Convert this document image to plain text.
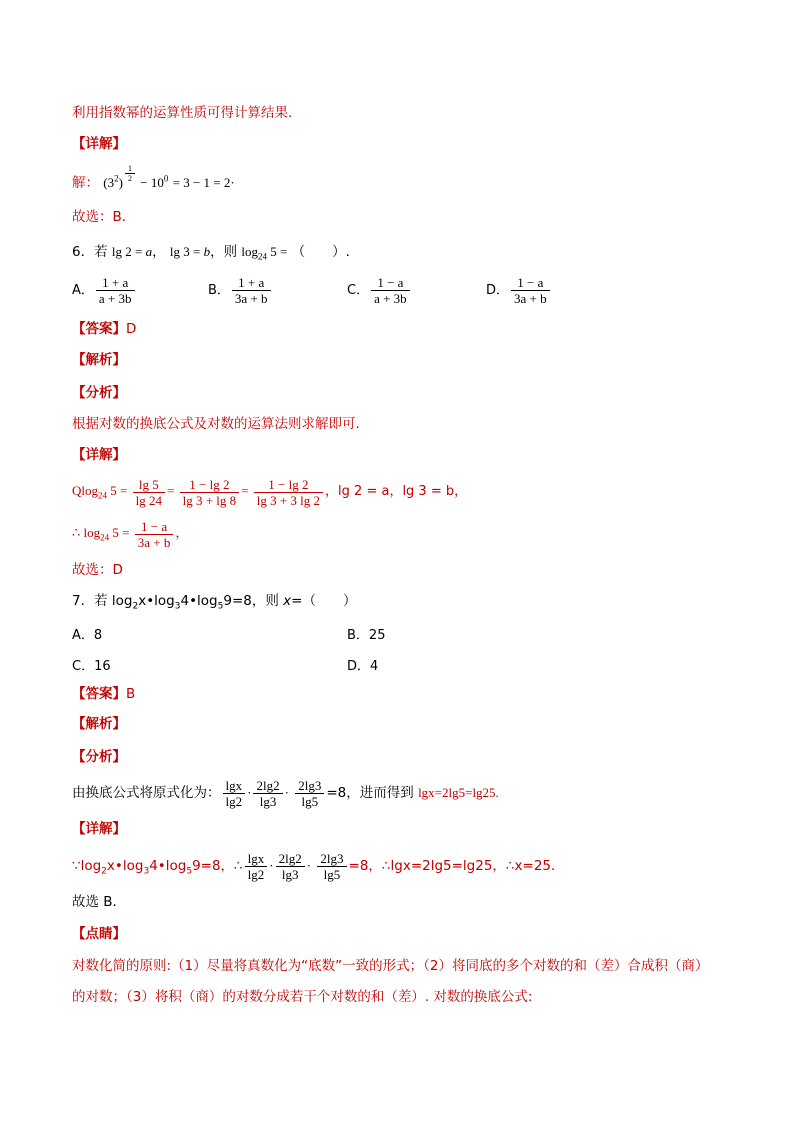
利用指数幂的运算性质可得计算结果.
【详解】
解： $(3^2) ^{\frac{1}{2}} - 10^0 = 3 - 1 = 2\cdot$
故选：B．
6．若 lg 2 = a， lg 3 = b，则 $\log_{24} 5$ = （　　）.
A． $\frac{1 + a}{a + 3b}$	B． $\frac{1 + a}{3a + b}$	C． $\frac{1 - a}{a + 3b}$	D． $\frac{1 - a}{3a + b}$
【答案】D
【解析】
【分析】
根据对数的换底公式及对数的运算法则求解即可.
【详解】
Qlog$_{24}$ $5 = \frac{\lg 5}{\lg 24} = \frac{1 - \lg 2}{\lg 3 + \lg 8} = \frac{1 - \lg 2}{\lg 3 + 3 \lg 2}$ ，lg 2 = a，lg 3 = b，
∴ $\log_{24} 5 = \frac{1 - a}{3a + b}$ ，
故选：D
7．若 $\log_2x•\log_34•\log_59=8$，则 x=（　　）
A．8	B．25
C．16	D．4
【答案】B
【解析】
【分析】
由换底公式将原式化为： $\frac{\lg x}{\lg 2} \cdot \frac{2\lg 2}{\lg 3} \cdot \frac{2\lg 3}{\lg 5} =8$，进而得到 lgx=2lg5=lg25.
【详解】
$\because\log_2x•\log_34•\log_59=8$，∴ $\frac{\lg x}{\lg 2} \cdot \frac{2\lg 2}{\lg 3} \cdot \frac{2\lg 3}{\lg 5} =8$，∴lgx=2lg5=lg25，∴x=25．
故选 B．
【点睛】
对数化简的原则:（1）尽量将真数化为“底数”一致的形式；（2）将同底的多个对数的和（差）合成积（商）
的对数；（3）将积（商）的对数分成若干个对数的和（差）. 对数的换底公式:
